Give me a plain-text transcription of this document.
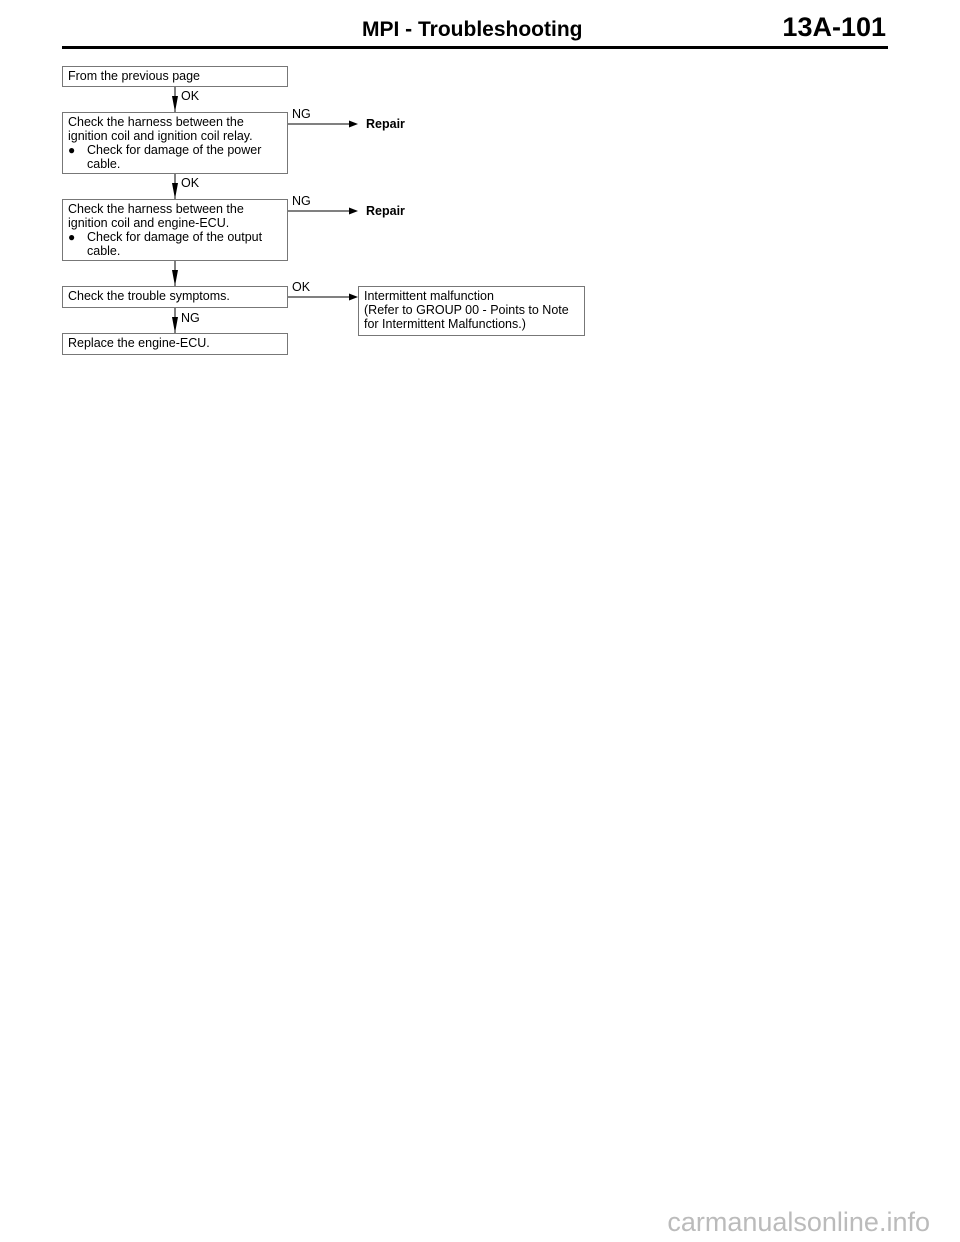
MPI - Troubleshooting	13A-101

From the previous page

Check the harness between the

ignition coil and ignition coil relay.

● Check for damage of the power cable.

Check the harness between the

ignition coil and engine-ECU.

● Check for damage of the output cable.

Check the trouble symptoms.

Replace the engine-ECU.

Intermittent malfunction

(Refer to GROUP 00 - Points to Note

for Intermittent Malfunctions.)

OK
NG
OK
NG
OK
NG
Repair
Repair
carmanualsonline.info
